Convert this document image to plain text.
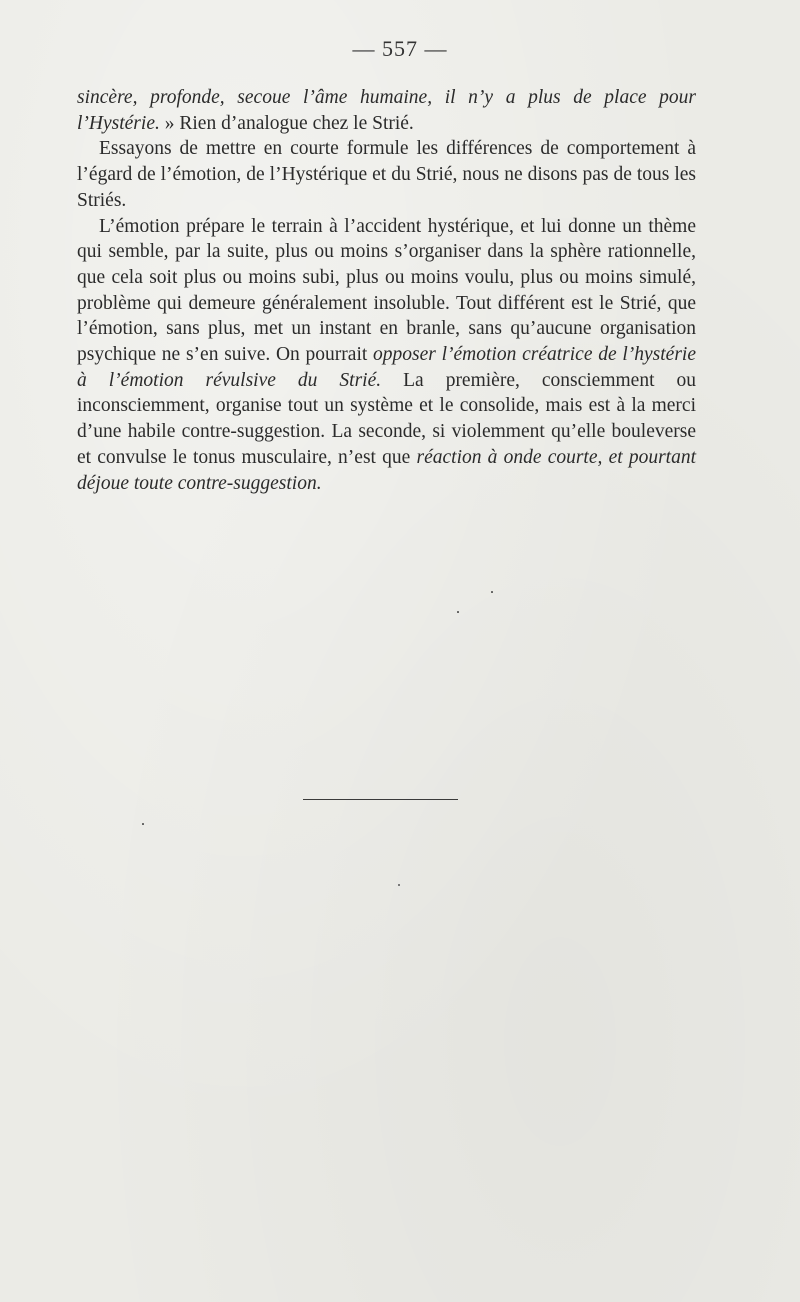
— 557 —

sincère, profonde, secoue l’âme humaine, il n’y a plus de place pour l’Hystérie. » Rien d’analogue chez le Strié.

Essayons de mettre en courte formule les différences de comportement à l’égard de l’émotion, de l’Hystérique et du Strié, nous ne disons pas de tous les Striés.

L’émotion prépare le terrain à l’accident hystérique, et lui donne un thème qui semble, par la suite, plus ou moins s’organiser dans la sphère rationnelle, que cela soit plus ou moins subi, plus ou moins voulu, plus ou moins simulé, problème qui demeure généralement insoluble. Tout différent est le Strié, que l’émotion, sans plus, met un instant en branle, sans qu’aucune organisation psychique ne s’en suive. On pourrait opposer l’émotion créatrice de l’hystérie à l’émotion révulsive du Strié. La première, consciemment ou inconsciemment, organise tout un système et le consolide, mais est à la merci d’une habile contre-suggestion. La seconde, si violemment qu’elle bouleverse et convulse le tonus musculaire, n’est que réaction à onde courte, et pourtant déjoue toute contre-suggestion.
